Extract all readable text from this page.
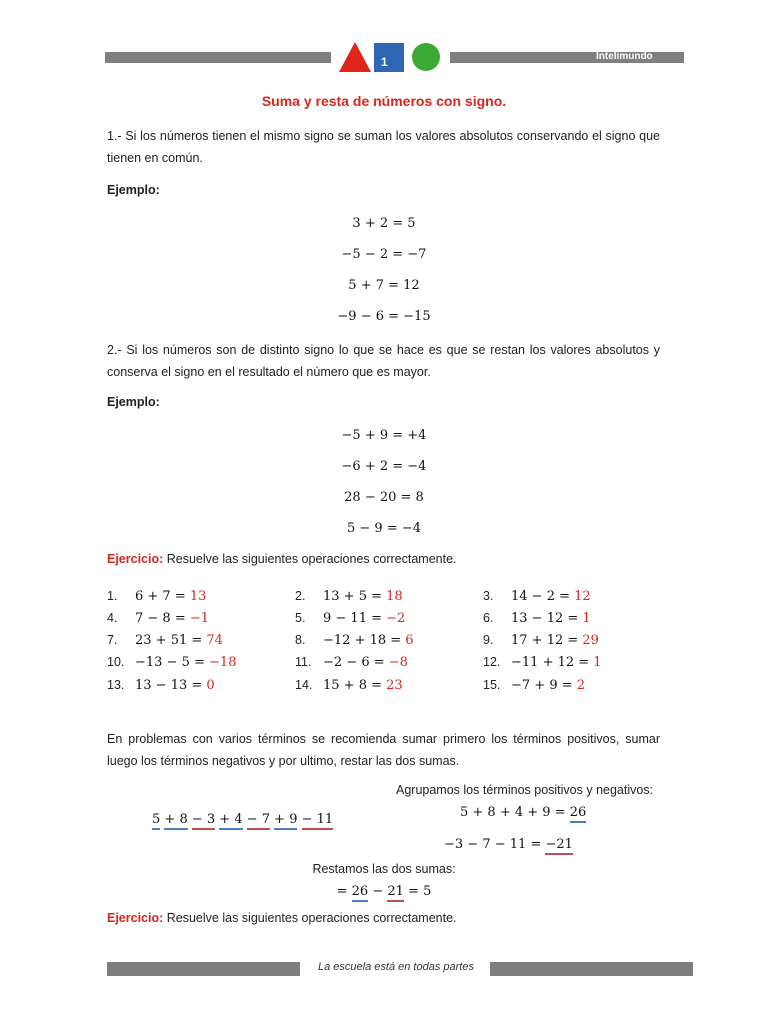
1	Intelimundo
Suma y resta de números con signo.
1.- Si los números tienen el mismo signo se suman los valores absolutos conservando el signo que tienen en común.
Ejemplo:
3 + 2 = 5
−5 − 2 = −7
5 + 7 = 12
−9 − 6 = −15
2.- Si los números son de distinto signo lo que se hace es que se restan los valores absolutos y conserva el signo en el resultado el número que es mayor.
Ejemplo:
−5 + 9 = +4
−6 + 2 = −4
28 − 20 = 8
5 − 9 = −4
Ejercicio: Resuelve las siguientes operaciones correctamente.
1. 6 + 7 = 13	2. 13 + 5 = 18	3. 14 − 2 = 12
4. 7 − 8 = −1	5. 9 − 11 = −2	6. 13 − 12 = 1
7. 23 + 51 = 74	8. −12 + 18 = 6	9. 17 + 12 = 29
10. −13 − 5 = −18	11. −2 − 6 = −8	12. −11 + 12 = 1
13. 13 − 13 = 0	14. 15 + 8 = 23	15. −7 + 9 = 2
En problemas con varios términos se recomienda sumar primero los términos positivos, sumar luego los términos negativos y por ultimo, restar las dos sumas.
Agrupamos los términos positivos y negativos:
5 + 8 − 3 + 4 − 7 + 9 − 11	5 + 8 + 4 + 9 = 26
−3 − 7 − 11 = −21
Restamos las dos sumas:
= 26 − 21 = 5
Ejercicio: Resuelve las siguientes operaciones correctamente.
La escuela está en todas partes
